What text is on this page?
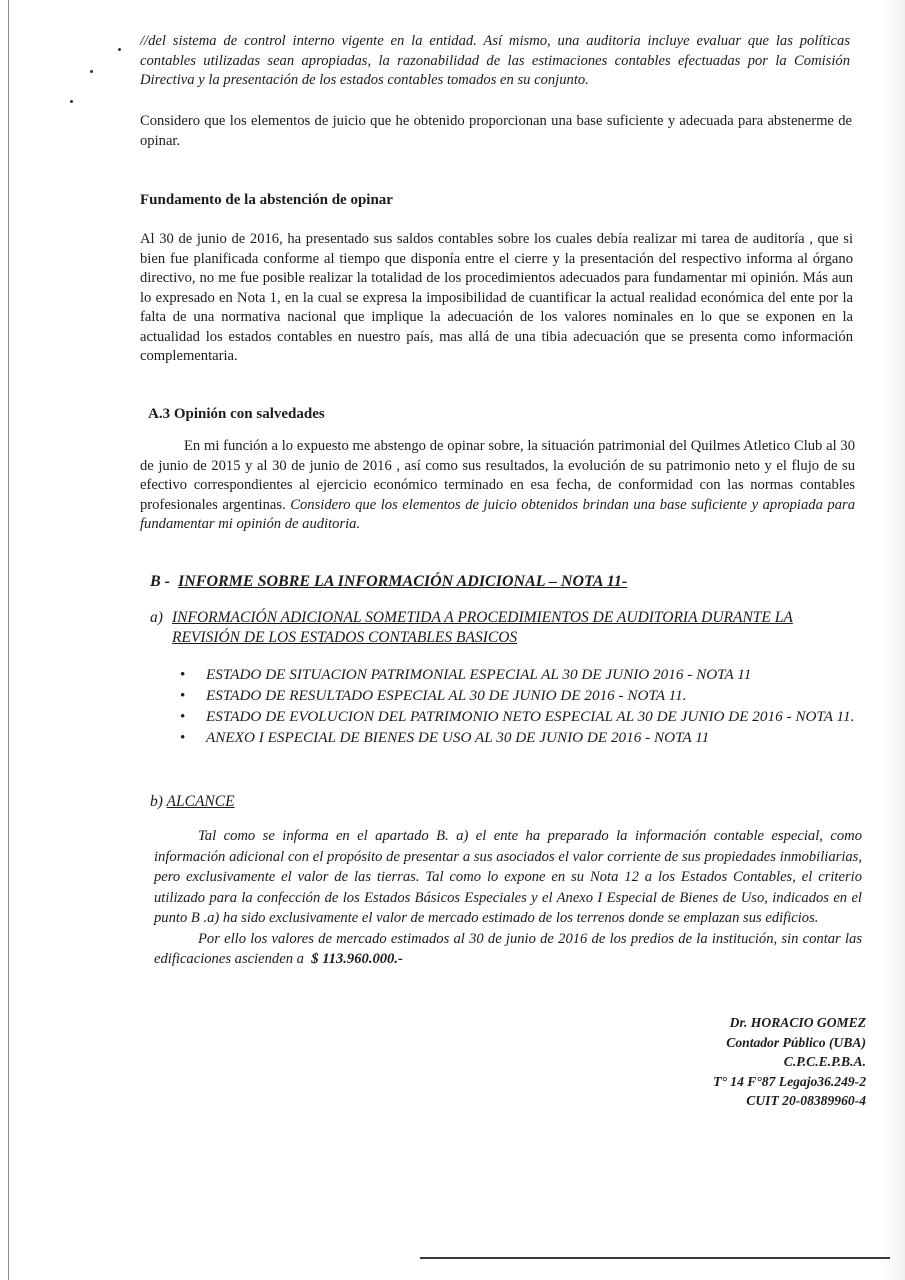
//del sistema de control interno vigente en la entidad. Así mismo, una auditoria incluye evaluar que las políticas contables utilizadas sean apropiadas, la razonabilidad de las estimaciones contables efectuadas por la Comisión Directiva y la presentación de los estados contables tomados en su conjunto.

Considero que los elementos de juicio que he obtenido proporcionan una base suficiente y adecuada para abstenerme de opinar.

Fundamento de la abstención de opinar

Al 30 de junio de 2016, ha presentado sus saldos contables sobre los cuales debía realizar mi tarea de auditoría , que si bien fue planificada conforme al tiempo que disponía entre el cierre y la presentación del respectivo informa al órgano directivo, no me fue posible realizar la totalidad de los procedimientos adecuados para fundamentar mi opinión. Más aun lo expresado en Nota 1, en la cual se expresa la imposibilidad de cuantificar la actual realidad económica del ente por la falta de una normativa nacional que implique la adecuación de los valores nominales en lo que se exponen en la actualidad los estados contables en nuestro país, mas allá de una tibia adecuación que se presenta como información complementaria.

A.3 Opinión con salvedades

En mi función a lo expuesto me abstengo de opinar sobre, la situación patrimonial del Quilmes Atletico Club al 30 de junio de 2015 y al 30 de junio de 2016 , así como sus resultados, la evolución de su patrimonio neto y el flujo de su efectivo correspondientes al ejercicio económico terminado en esa fecha, de conformidad con las normas contables profesionales argentinas. Considero que los elementos de juicio obtenidos brindan una base suficiente y apropiada para fundamentar mi opinión de auditoria.

B - INFORME SOBRE LA INFORMACIÓN ADICIONAL – NOTA 11-

a) INFORMACIÓN ADICIONAL SOMETIDA A PROCEDIMIENTOS DE AUDITORIA DURANTE LA REVISIÓN DE LOS ESTADOS CONTABLES BASICOS
• ESTADO DE SITUACION PATRIMONIAL ESPECIAL AL 30 DE JUNIO 2016 - NOTA 11
• ESTADO DE RESULTADO ESPECIAL AL 30 DE JUNIO DE 2016 - NOTA 11.
• ESTADO DE EVOLUCION DEL PATRIMONIO NETO ESPECIAL AL 30 DE JUNIO DE 2016 - NOTA 11.
• ANEXO I ESPECIAL DE BIENES DE USO AL 30 DE JUNIO DE 2016 - NOTA 11

b) ALCANCE

Tal como se informa en el apartado B. a) el ente ha preparado la información contable especial, como información adicional con el propósito de presentar a sus asociados el valor corriente de sus propiedades inmobiliarias, pero exclusivamente el valor de las tierras. Tal como lo expone en su Nota 12 a los Estados Contables, el criterio utilizado para la confección de los Estados Básicos Especiales y el Anexo I Especial de Bienes de Uso, indicados en el punto B .a) ha sido exclusivamente el valor de mercado estimado de los terrenos donde se emplazan sus edificios.

Por ello los valores de mercado estimados al 30 de junio de 2016 de los predios de la institución, sin contar las edificaciones ascienden a $ 113.960.000.-

Dr. HORACIO GOMEZ
Contador Público (UBA)
C.P.C.E.P.B.A.
T° 14 F°87 Legajo36.249-2
CUIT 20-08389960-4
